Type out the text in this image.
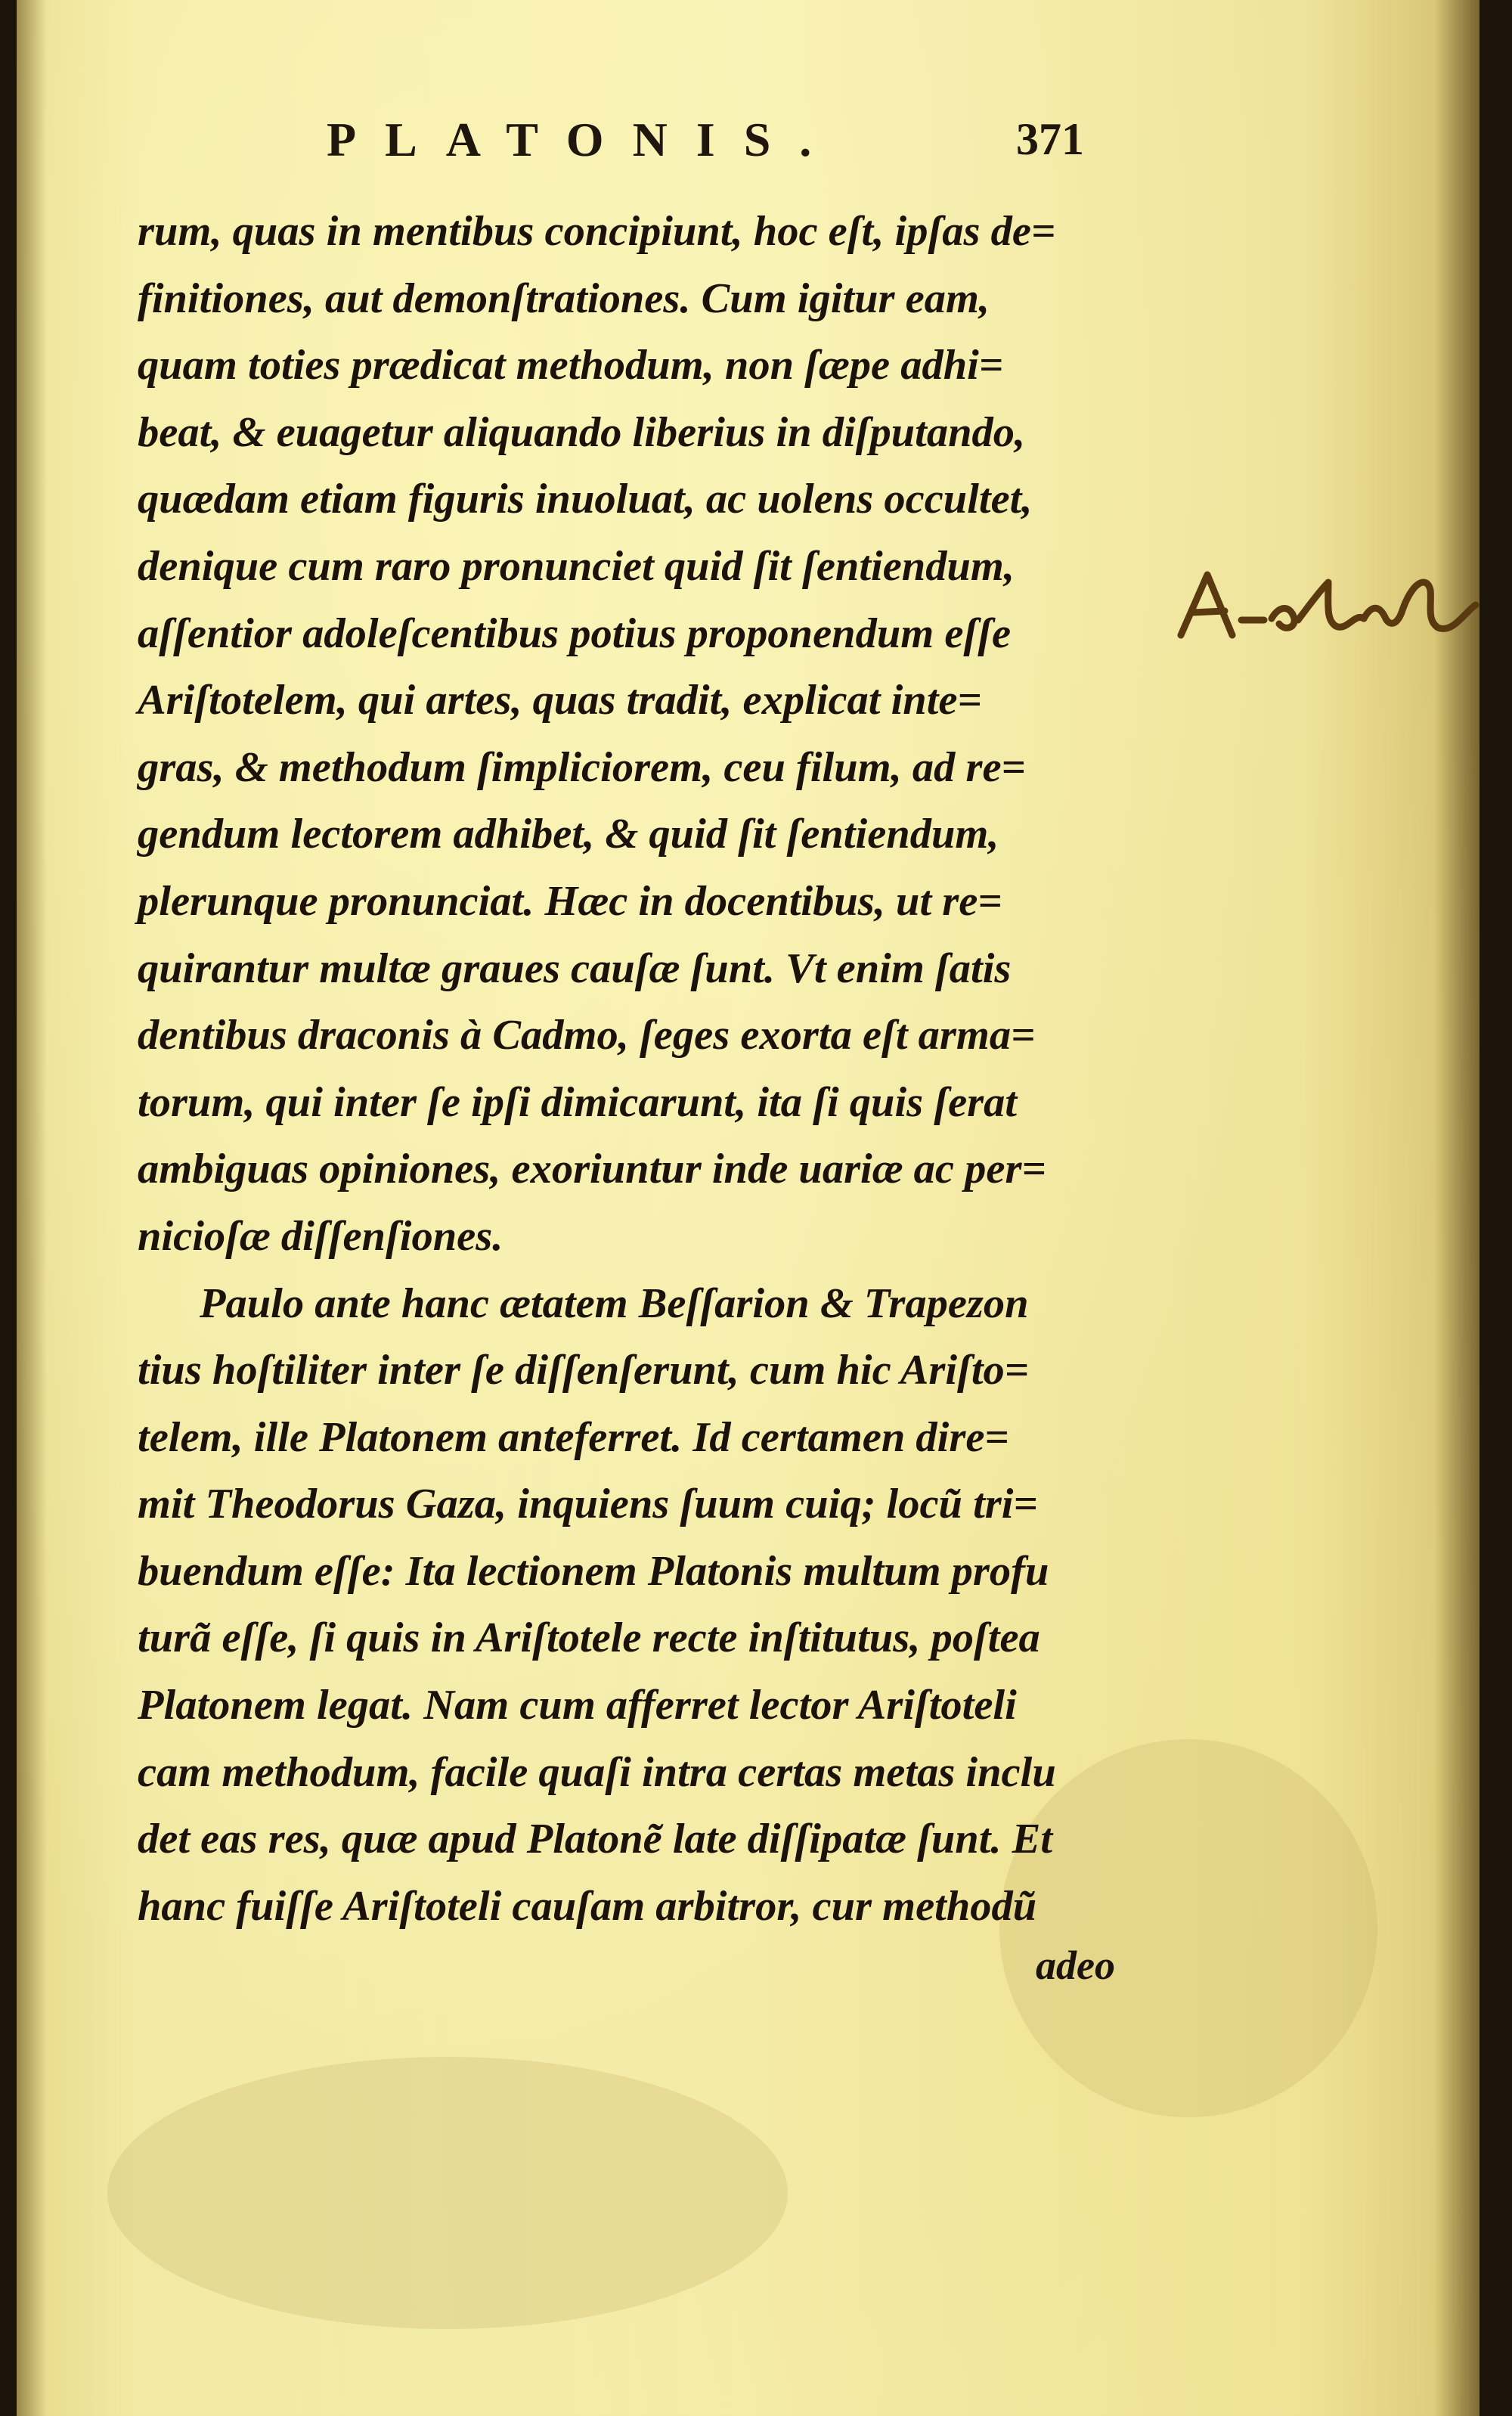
PLATONIS.	371
rum, quas in mentibus concipiunt, hoc eſt, ipſas de=
finitiones, aut demonſtrationes. Cum igitur eam,
quam toties prædicat methodum, non ſæpe adhi=
beat, & euagetur aliquando liberius in diſputando,
quædam etiam figuris inuoluat, ac uolens occultet,
denique cum raro pronunciet quid ſit ſentiendum,
aſſentior adoleſcentibus potius proponendum eſſe
Ariſtotelem, qui artes, quas tradit, explicat inte=
gras, & methodum ſimpliciorem, ceu filum, ad re=
gendum lectorem adhibet, & quid ſit ſentiendum,
plerunque pronunciat. Hæc in docentibus, ut re=
quirantur multæ graues cauſæ ſunt. Vt enim ſatis
dentibus draconis à Cadmo, ſeges exorta eſt arma=
torum, qui inter ſe ipſi dimicarunt, ita ſi quis ſerat
ambiguas opiniones, exoriuntur inde uariæ ac per=
nicioſæ diſſenſiones.
Paulo ante hanc ætatem Beſſarion & Trapezon
tius hoſtiliter inter ſe diſſenſerunt, cum hic Ariſto=
telem, ille Platonem anteferret. Id certamen dire=
mit Theodorus Gaza, inquiens ſuum cuiq; locũ tri=
buendum eſſe: Ita lectionem Platonis multum profu
turã eſſe, ſi quis in Ariſtotele recte inſtitutus, poſtea
Platonem legat. Nam cum afferret lector Ariſtoteli
cam methodum, facile quaſi intra certas metas inclu
det eas res, quæ apud Platonẽ late diſſipatæ ſunt. Et
hanc fuiſſe Ariſtoteli cauſam arbitror, cur methodũ
adeo
